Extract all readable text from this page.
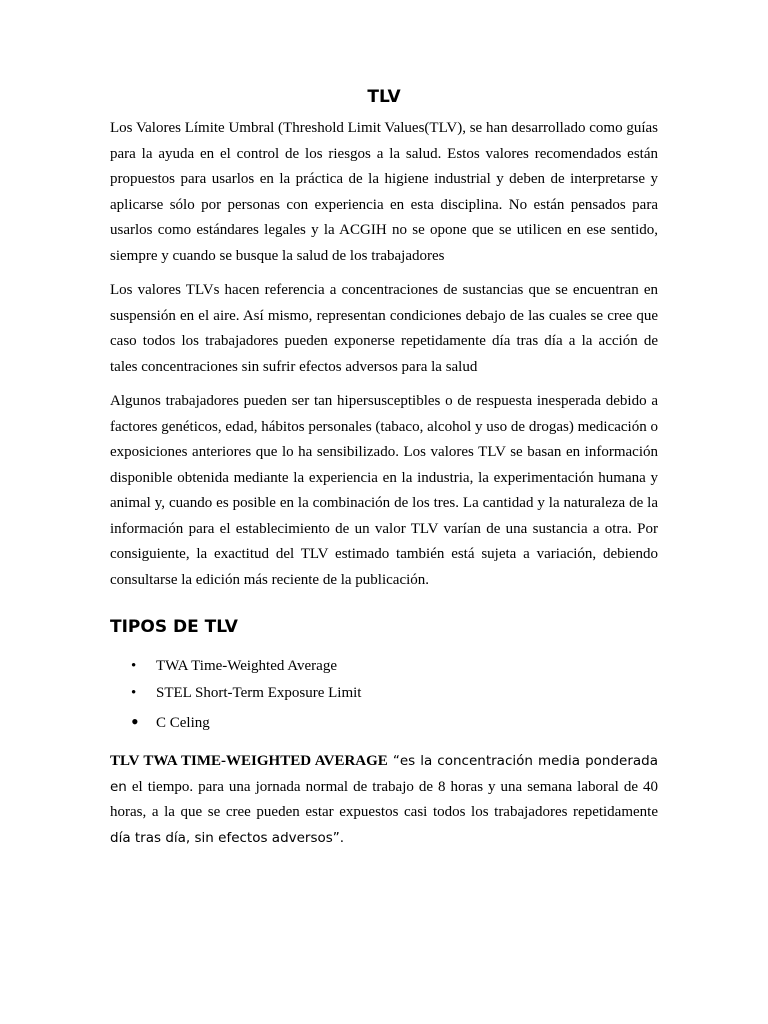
TLV

Los Valores Límite Umbral (Threshold Limit Values(TLV), se han desarrollado como guías para la ayuda en el control de los riesgos a la salud. Estos valores recomendados están propuestos para usarlos en la práctica de la higiene industrial y deben de interpretarse y aplicarse sólo por personas con experiencia en esta disciplina. No están pensados para usarlos como estándares legales y la ACGIH no se opone que se utilicen en ese sentido, siempre y cuando se busque la salud de los trabajadores

Los valores TLVs hacen referencia a concentraciones de sustancias que se encuentran en suspensión en el aire. Así mismo, representan condiciones debajo de las cuales se cree que caso todos los trabajadores pueden exponerse repetidamente día tras día a la acción de tales concentraciones sin sufrir efectos adversos para la salud

Algunos trabajadores pueden ser tan hipersusceptibles o de respuesta inesperada debido a factores genéticos, edad, hábitos personales (tabaco, alcohol y uso de drogas) medicación o exposiciones anteriores que lo ha sensibilizado. Los valores TLV se basan en información disponible obtenida mediante la experiencia en la industria, la experimentación humana y animal y, cuando es posible en la combinación de los tres. La cantidad y la naturaleza de la información para el establecimiento de un valor TLV varían de una sustancia a otra. Por consiguiente, la exactitud del TLV estimado también está sujeta a variación, debiendo consultarse la edición más reciente de la publicación.

TIPOS DE TLV
• TWA Time-Weighted Average
• STEL Short-Term Exposure Limit
• C Celing

TLV TWA TIME-WEIGHTED AVERAGE “es la concentración media ponderada en el tiempo. para una jornada normal de trabajo de 8 horas y una semana laboral de 40 horas, a la que se cree pueden estar expuestos casi todos los trabajadores repetidamente día tras día, sin efectos adversos”.
